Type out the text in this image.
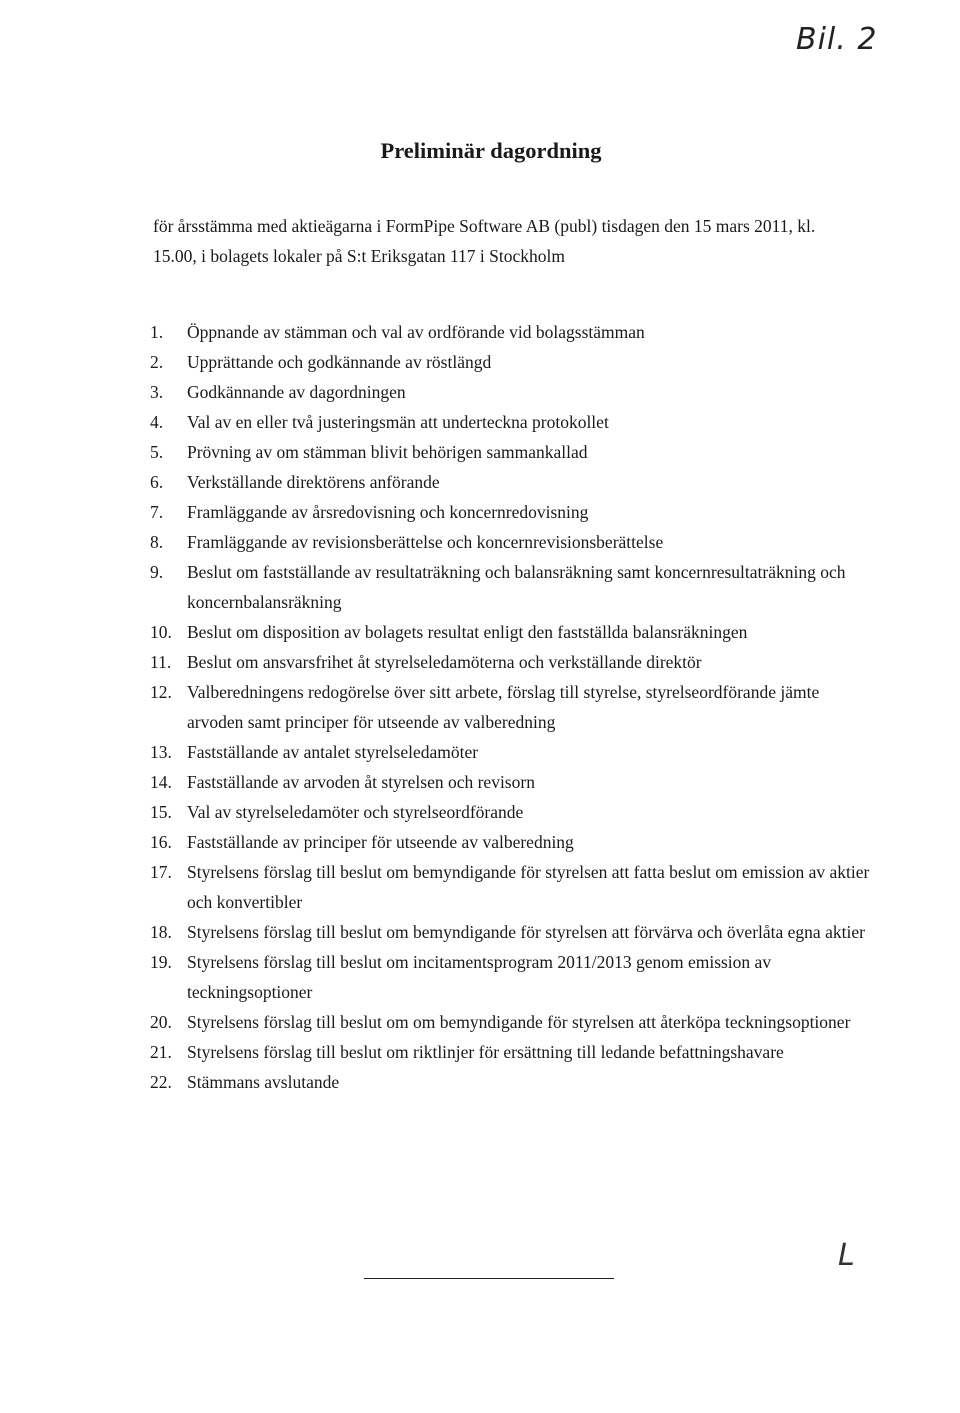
Bil. 2
Preliminär dagordning

för årsstämma med aktieägarna i FormPipe Software AB (publ) tisdagen den 15 mars 2011, kl. 15.00, i bolagets lokaler på S:t Eriksgatan 117 i Stockholm

1. Öppnande av stämman och val av ordförande vid bolagsstämman
2. Upprättande och godkännande av röstlängd
3. Godkännande av dagordningen
4. Val av en eller två justeringsmän att underteckna protokollet
5. Prövning av om stämman blivit behörigen sammankallad
6. Verkställande direktörens anförande
7. Framläggande av årsredovisning och koncernredovisning
8. Framläggande av revisionsberättelse och koncernrevisionsberättelse
9. Beslut om fastställande av resultaträkning och balansräkning samt koncernresultaträkning och koncernbalansräkning
10. Beslut om disposition av bolagets resultat enligt den fastställda balansräkningen
11. Beslut om ansvarsfrihet åt styrelseledamöterna och verkställande direktör
12. Valberedningens redogörelse över sitt arbete, förslag till styrelse, styrelseordförande jämte arvoden samt principer för utseende av valberedning
13. Fastställande av antalet styrelseledamöter
14. Fastställande av arvoden åt styrelsen och revisorn
15. Val av styrelseledamöter och styrelseordförande
16. Fastställande av principer för utseende av valberedning
17. Styrelsens förslag till beslut om bemyndigande för styrelsen att fatta beslut om emission av aktier och konvertibler
18. Styrelsens förslag till beslut om bemyndigande för styrelsen att förvärva och överlåta egna aktier
19. Styrelsens förslag till beslut om incitamentsprogram 2011/2013 genom emission av teckningsoptioner
20. Styrelsens förslag till beslut om om bemyndigande för styrelsen att återköpa teckningsoptioner
21. Styrelsens förslag till beslut om riktlinjer för ersättning till ledande befattningshavare
22. Stämmans avslutande
L
